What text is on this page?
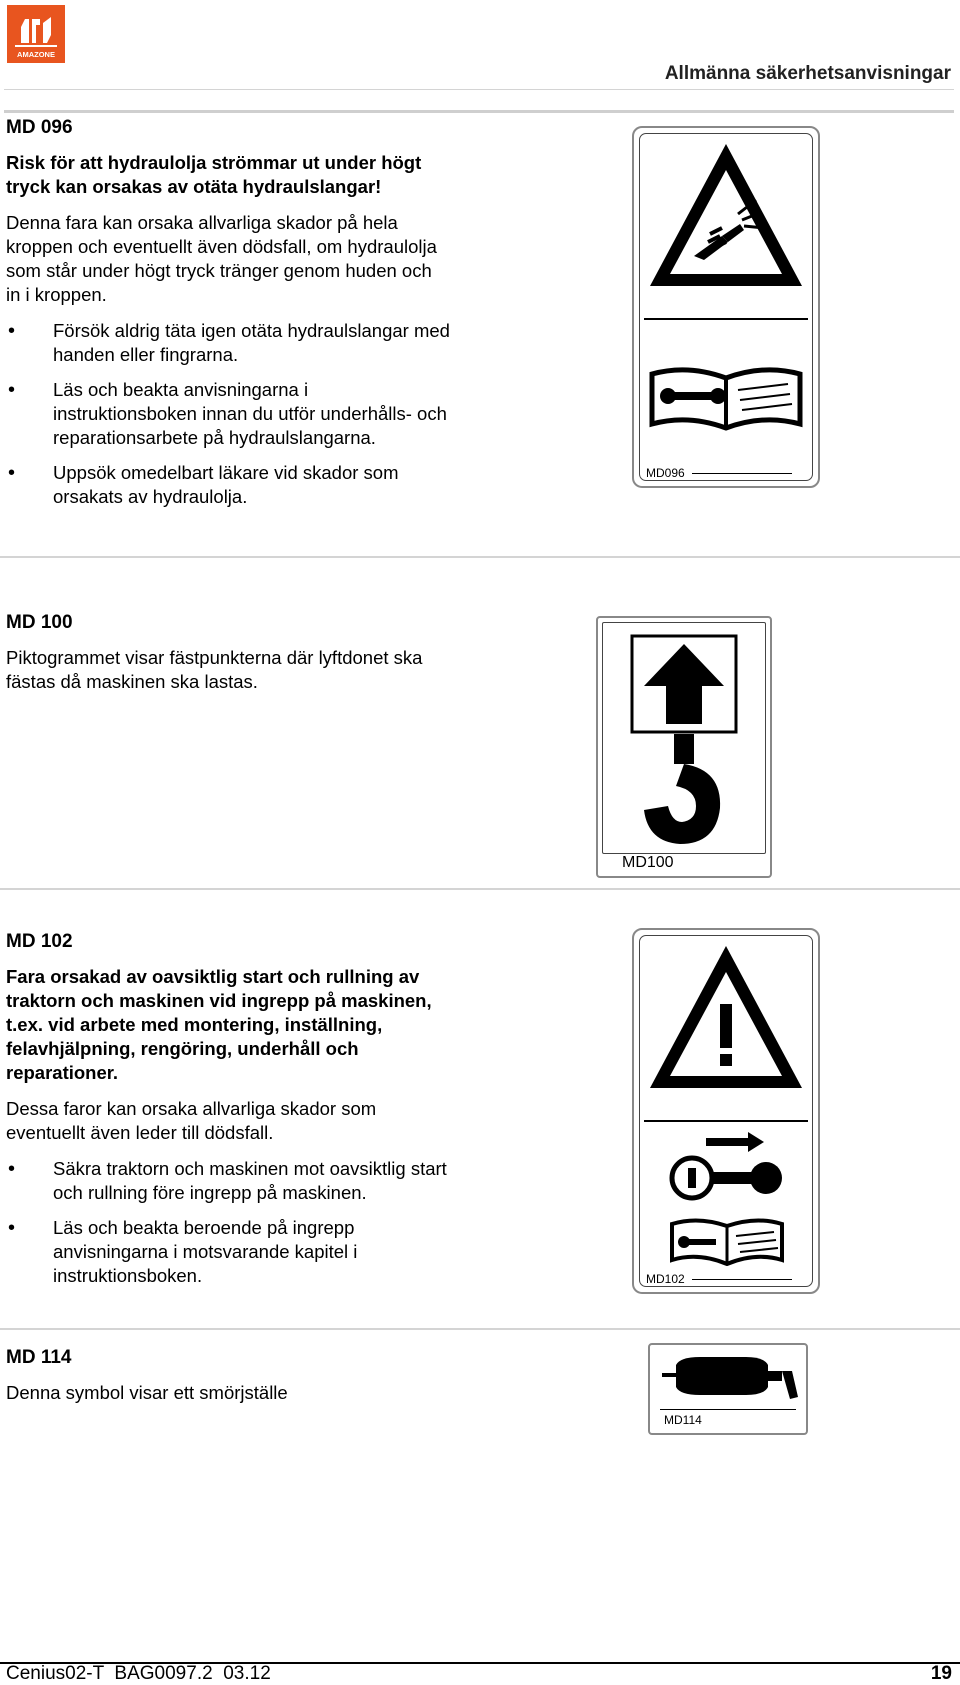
AMAZONE
Allmänna säkerhetsanvisningar
MD 096
Risk för att hydraulolja strömmar ut under högt tryck kan orsakas av otäta hydraulslangar!
Denna fara kan orsaka allvarliga skador på hela kroppen och eventuellt även dödsfall, om hydraulolja som står under högt tryck tränger genom huden och in i kroppen.
• Försök aldrig täta igen otäta hydraulslangar med handen eller fingrarna.
• Läs och beakta anvisningarna i instruktionsboken innan du utför underhålls- och reparationsarbete på hydraulslangarna.
• Uppsök omedelbart läkare vid skador som orsakats av hydraulolja.
MD096
MD 100
Piktogrammet visar fästpunkterna där lyftdonet ska fästas då maskinen ska lastas.
MD100
MD 102
Fara orsakad av oavsiktlig start och rullning av traktorn och maskinen vid ingrepp på maskinen, t.ex. vid arbete med montering, inställning, felavhjälpning, rengöring, underhåll och reparationer.
Dessa faror kan orsaka allvarliga skador som eventuellt även leder till dödsfall.
• Säkra traktorn och maskinen mot oavsiktlig start och rullning före ingrepp på maskinen.
• Läs och beakta beroende på ingrepp anvisningarna i motsvarande kapitel i instruktionsboken.	MD102
MD 114
Denna symbol visar ett smörjställe
MD114
Cenius02-T  BAG0097.2  03.12	19
